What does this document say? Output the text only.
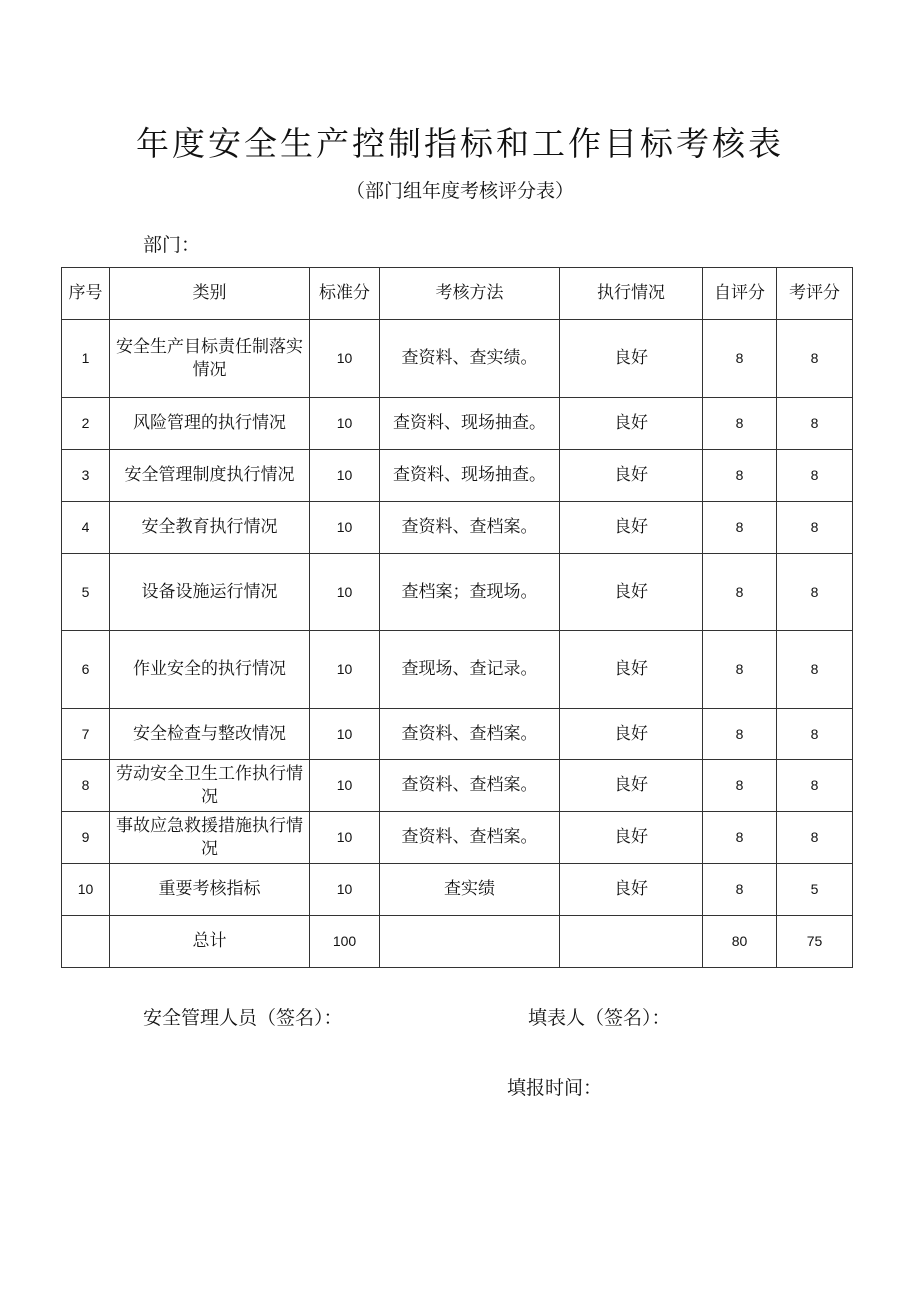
年度安全生产控制指标和工作目标考核表
（部门组年度考核评分表）
部门：
序号	类别	标准分	考核方法	执行情况	自评分	考评分
1	安全生产目标责任制落实情况	10	查资料、查实绩。	良好	8	8
2	风险管理的执行情况	10	查资料、现场抽查。	良好	8	8
3	安全管理制度执行情况	10	查资料、现场抽查。	良好	8	8
4	安全教育执行情况	10	查资料、查档案。	良好	8	8
5	设备设施运行情况	10	查档案；查现场。	良好	8	8
6	作业安全的执行情况	10	查现场、查记录。	良好	8	8
7	安全检查与整改情况	10	查资料、查档案。	良好	8	8
8	劳动安全卫生工作执行情况	10	查资料、查档案。	良好	8	8
9	事故应急救援措施执行情况	10	查资料、查档案。	良好	8	8
10	重要考核指标	10	查实绩	良好	8	5
	总计	100			80	75
安全管理人员（签名）：	填表人（签名）：
填报时间：
